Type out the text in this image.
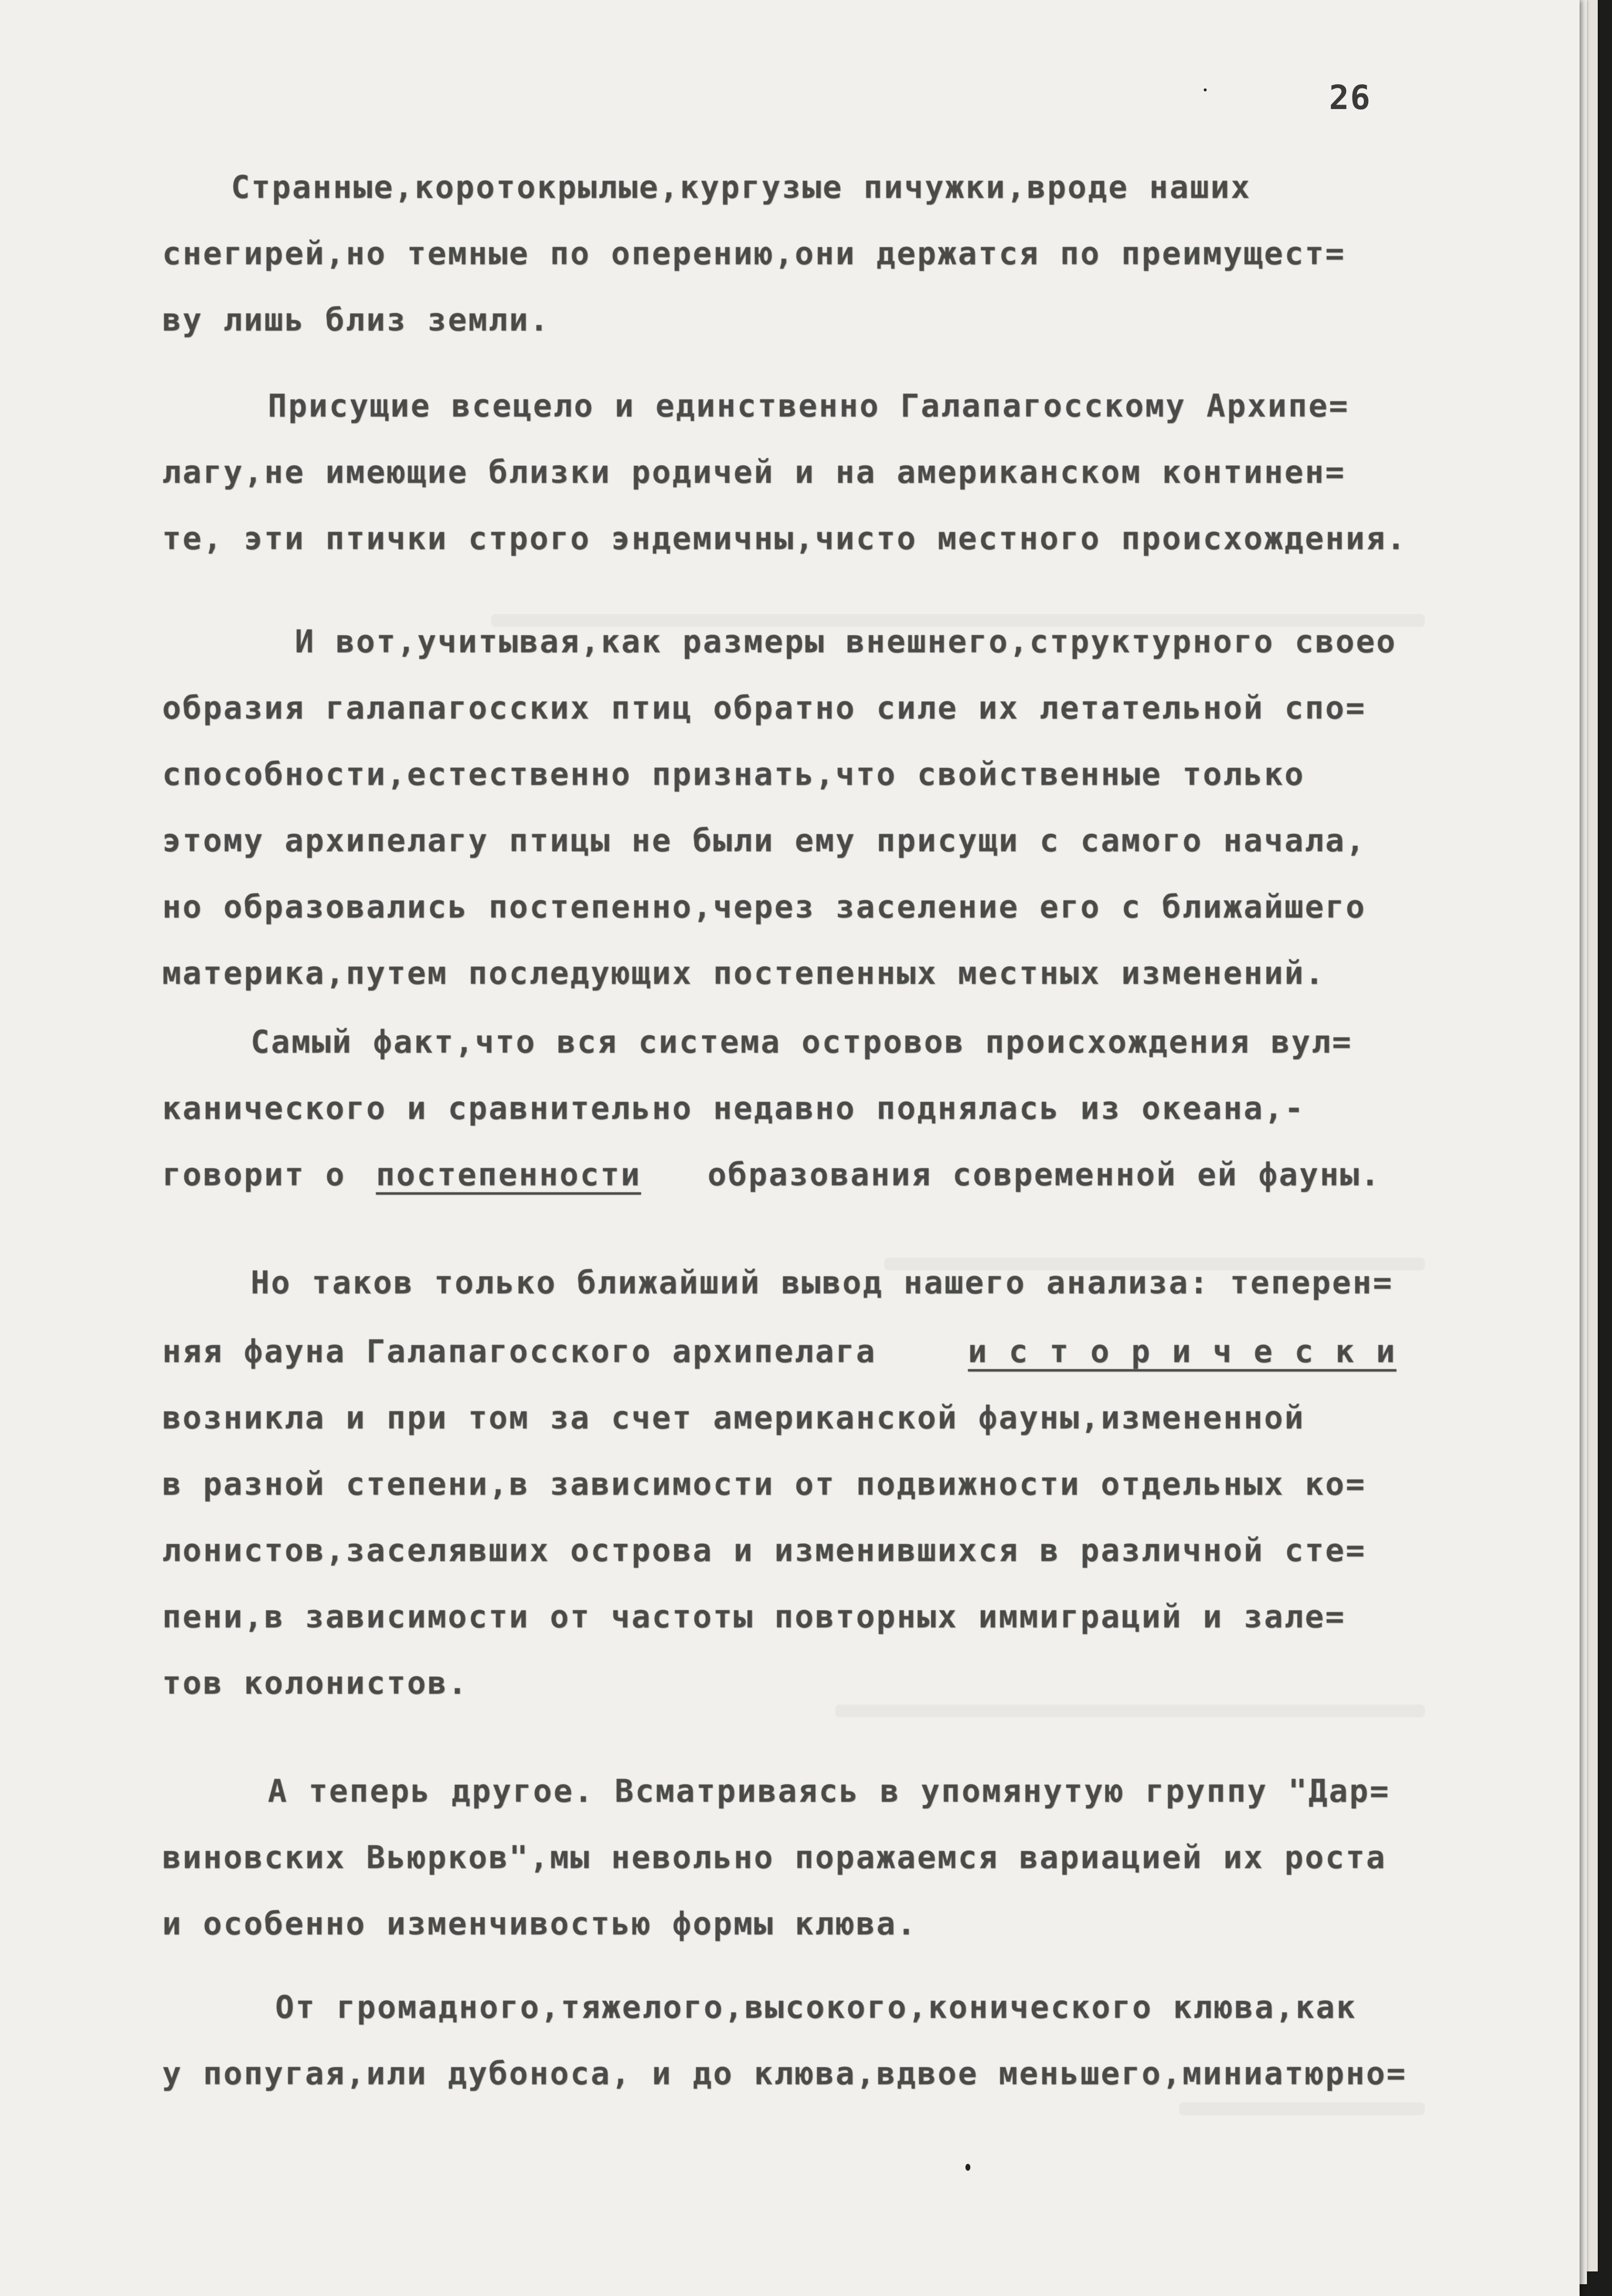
26
Странные,коротокрылые,кургузые пичужки,вроде наших
снегирей,но темные по оперению,они держатся по преимущест=
ву лишь близ земли.
Присущие всецело и единственно Галапагосскому Архипе=
лагу,не имеющие близки родичей и на американском континен=
те, эти птички строго эндемичны,чисто местного происхождения.
И вот,учитывая,как размеры внешнего,структурного своео
образия галапагосских птиц обратно силе их летательной спо=
способности,естественно признать,что свойственные только
этому архипелагу птицы не были ему присущи с самого начала,
но образовались постепенно,через заселение его с ближайшего
материка,путем последующих постепенных местных изменений.
Самый факт,что вся система островов происхождения вул=
канического и сравнительно недавно поднялась из океана,-
говорит о постепенности образования современной ей фауны.
Но таков только ближайший вывод нашего анализа: теперен=
няя фауна Галапагосского архипелага	и с т о р и ч е с к и
возникла и при том за счет американской фауны,измененной
в разной степени,в зависимости от подвижности отдельных ко=
лонистов,заселявших острова и изменившихся в различной сте=
пени,в зависимости от частоты повторных иммиграций и зале=
тов колонистов.
А теперь другое. Всматриваясь в упомянутую группу "Дар=
виновских Вьюрков",мы невольно поражаемся вариацией их роста
и особенно изменчивостью формы клюва.
От громадного,тяжелого,высокого,конического клюва,как
у попугая,или дубоноса, и до клюва,вдвое меньшего,миниатюрно=
